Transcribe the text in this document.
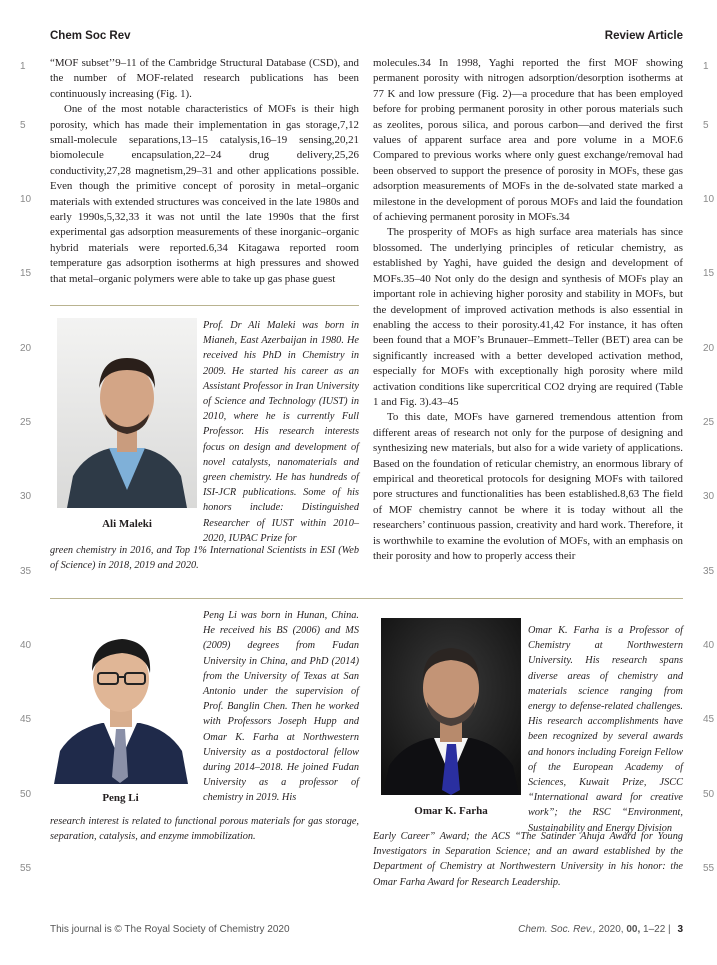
Chem Soc Rev	Review Article
1
5
10
15
20
25
30
35
40
45
50
55
1
5
10
15
20
25
30
35
40
45
50
55

“MOF subset’’9–11 of the Cambridge Structural Database (CSD), and the number of MOF-related research publications has been continuously increasing (Fig. 1).

One of the most notable characteristics of MOFs is their high porosity, which has made their implementation in gas storage,7,12 small-molecule separations,13–15 catalysis,16–19 sensing,20,21 biomolecule encapsulation,22–24 drug delivery,25,26 conductivity,27,28 magnetism,29–31 and other applications possible. Even though the primitive concept of porosity in metal–organic materials with extended structures was conceived in the late 1980s and early 1990s,5,32,33 it was not until the late 1990s that the first experimental gas adsorption measurements of these inorganic–organic hybrid materials were reported.6,34 Kitagawa reported room temperature gas adsorption isotherms at high pressures and showed that metal–organic polymers were able to take up gas phase guest

molecules.34 In 1998, Yaghi reported the first MOF showing permanent porosity with nitrogen adsorption/desorption isotherms at 77 K and low pressure (Fig. 2)—a procedure that has been employed before for probing permanent porosity in other porous materials such as zeolites, porous silica, and porous carbon—and derived the first values of apparent surface area and pore volume in a MOF.6 Compared to previous works where only guest exchange/removal had been observed to support the presence of porosity in MOFs, these gas adsorption measurements of MOFs in the de-solvated state marked a milestone in the development of porous MOFs and laid the foundation of achieving permanent porosity in MOFs.34

The prosperity of MOFs as high surface area materials has since blossomed. The underlying principles of reticular chemistry, as established by Yaghi, have guided the design and development of MOFs.35–40 Not only do the design and synthesis of MOFs play an important role in achieving higher porosity and stability in MOFs, but the development of improved activation methods is also essential in enabling the access to their porosity.41,42 For instance, it has often been found that a MOF’s Brunauer–Emmett–Teller (BET) area can be significantly increased with a better developed activation method, especially for MOFs with exceptionally high porosity where mild activation conditions like supercritical CO2 drying are required (Table 1 and Fig. 3).43–45

To this date, MOFs have garnered tremendous attention from different areas of research not only for the purpose of designing and synthesizing new materials, but also for a wide variety of applications. Based on the foundation of reticular chemistry, an enormous library of empirical and theoretical protocols for designing MOFs with tailored pore structures and functionalities has been established.8,63 The field of MOF chemistry cannot be where it is today without all the researchers’ continuous passion, creativity and hard work. Therefore, it is worthwhile to examine the evolution of MOFs, with an emphasis on their porosity and how to properly access their

Ali Maleki

Prof. Dr Ali Maleki was born in Mianeh, East Azerbaijan in 1980. He received his PhD in Chemistry in 2009. He started his career as an Assistant Professor in Iran University of Science and Technology (IUST) in 2010, where he is currently Full Professor. His research interests focus on design and development of novel catalysts, nanomaterials and green chemistry. He has hundreds of ISI-JCR publications. Some of his honors include: Distinguished Researcher of IUST within 2010–2020, IUPAC Prize for

green chemistry in 2016, and Top 1% International Scientists in ESI (Web of Science) in 2018, 2019 and 2020.

Peng Li

Peng Li was born in Hunan, China. He received his BS (2006) and MS (2009) degrees from Fudan University in China, and PhD (2014) from the University of Texas at San Antonio under the supervision of Prof. Banglin Chen. Then he worked with Professors Joseph Hupp and Omar K. Farha at Northwestern University as a postdoctoral fellow during 2014–2018. He joined Fudan University as a professor of chemistry in 2019. His

research interest is related to functional porous materials for gas storage, separation, catalysis, and enzyme immobilization.

Omar K. Farha

Omar K. Farha is a Professor of Chemistry at Northwestern University. His research spans diverse areas of chemistry and materials science ranging from energy to defense-related challenges. His research accomplishments have been recognized by several awards and honors including Foreign Fellow of the European Academy of Sciences, Kuwait Prize, JSCC “International award for creative work”; the RSC “Environment, Sustainability and Energy Division

Early Career” Award; the ACS “The Satinder Ahuja Award for Young Investigators in Separation Science; and an award established by the Department of Chemistry at Northwestern University in his honor: the Omar Farha Award for Research Leadership.

This journal is © The Royal Society of Chemistry 2020	Chem. Soc. Rev., 2020, 00, 1–22 | 3
